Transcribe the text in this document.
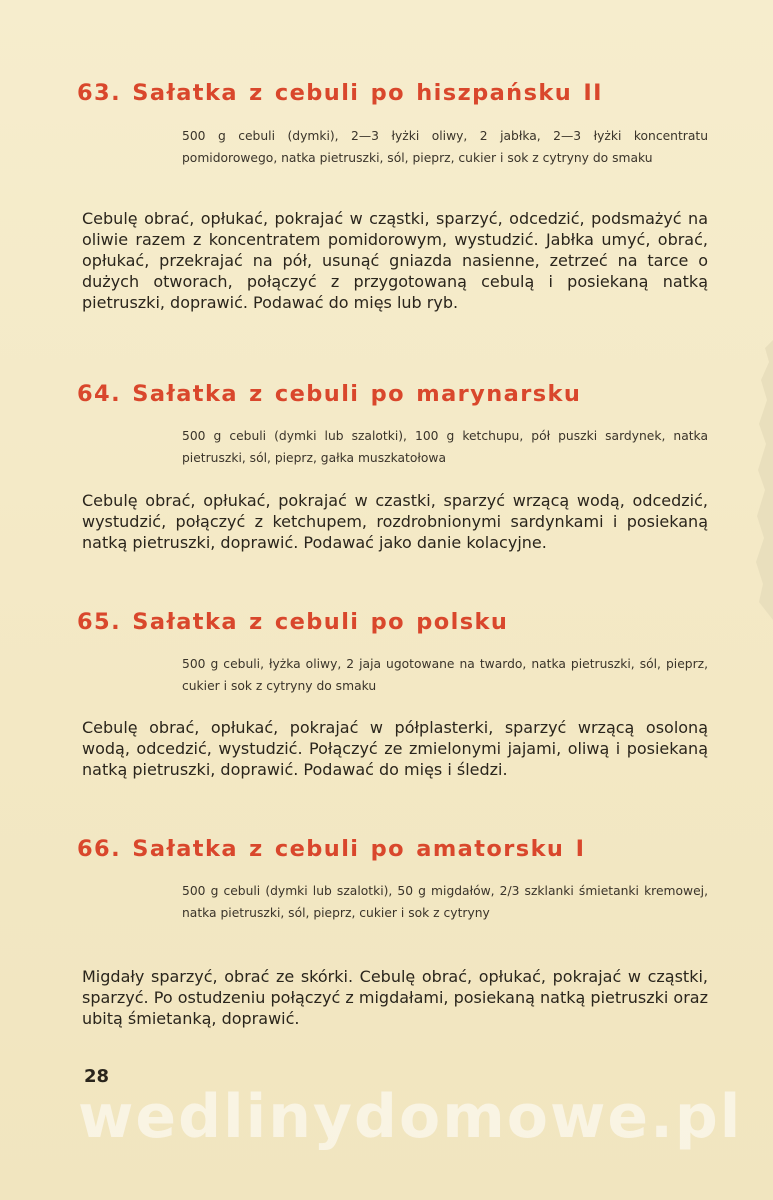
63. Sałatka z cebuli po hiszpańsku II

500 g cebuli (dymki), 2—3 łyżki oliwy, 2 jabłka, 2—3 łyżki koncentratu pomidorowego, natka pietruszki, sól, pieprz, cukier i sok z cytryny do smaku

Cebulę obrać, opłukać, pokrajać w cząstki, sparzyć, odcedzić, podsmażyć na oliwie razem z koncentratem pomidorowym, wystudzić. Jabłka umyć, obrać, opłukać, przekrajać na pół, usunąć gniazda nasienne, zetrzeć na tarce o dużych otworach, połączyć z przygotowaną cebulą i posiekaną natką pietruszki, doprawić. Podawać do mięs lub ryb.

64. Sałatka z cebuli po marynarsku

500 g cebuli (dymki lub szalotki), 100 g ketchupu, pół puszki sardynek, natka pietruszki, sól, pieprz, gałka muszkatołowa

Cebulę obrać, opłukać, pokrajać w czastki, sparzyć wrzącą wodą, odcedzić, wystudzić, połączyć z ketchupem, rozdrobnionymi sardynkami i posiekaną natką pietruszki, doprawić. Podawać jako danie kolacyjne.

65. Sałatka z cebuli po polsku

500 g cebuli, łyżka oliwy, 2 jaja ugotowane na twardo, natka pietruszki, sól, pieprz, cukier i sok z cytryny do smaku

Cebulę obrać, opłukać, pokrajać w półplasterki, sparzyć wrzącą osoloną wodą, odcedzić, wystudzić. Połączyć ze zmielonymi jajami, oliwą i posiekaną natką pietruszki, doprawić. Podawać do mięs i śledzi.

66. Sałatka z cebuli po amatorsku I

500 g cebuli (dymki lub szalotki), 50 g migdałów, 2/3 szklanki śmietanki kremowej, natka pietruszki, sól, pieprz, cukier i sok z cytryny

Migdały sparzyć, obrać ze skórki. Cebulę obrać, opłukać, pokrajać w cząstki, sparzyć. Po ostudzeniu połączyć z migdałami, posiekaną natką pietruszki oraz ubitą śmietanką, doprawić.

28

wedlinydomowe.pl
